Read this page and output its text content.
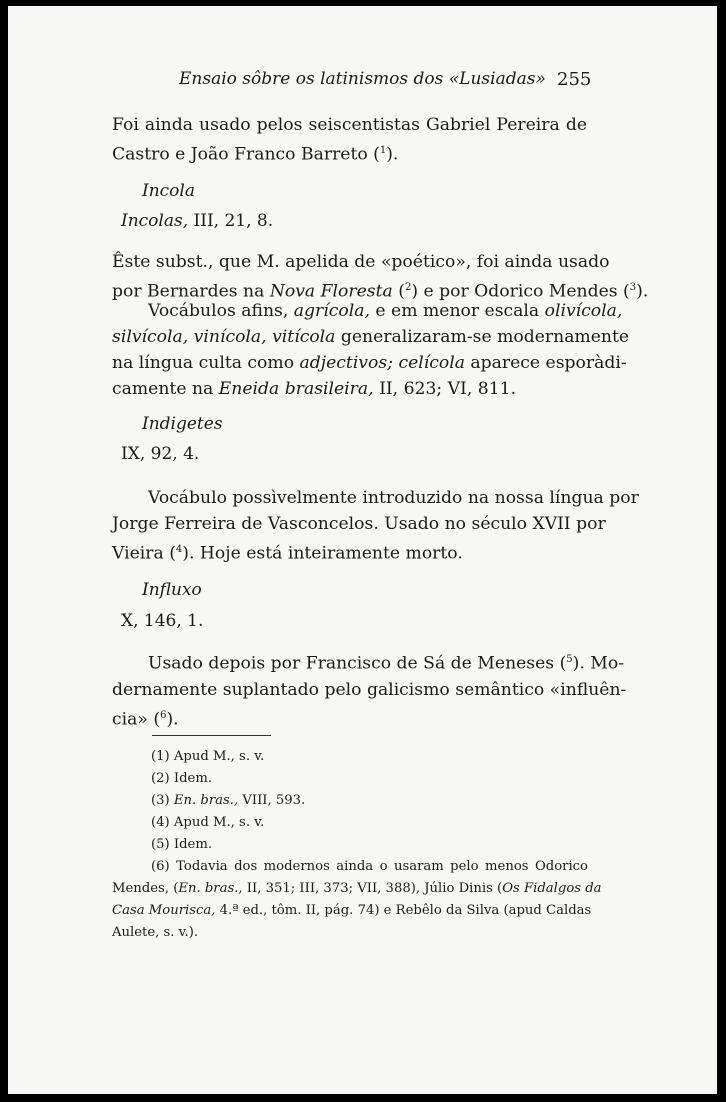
Ensaio sôbre os latinismos dos «Lusiadas» 255
Foi ainda usado pelos seiscentistas Gabriel Pereira de
Castro e João Franco Barreto ($^1$).
Incola
Incolas, III, 21, 8.
Êste subst., que M. apelida de «poético», foi ainda usado
por Bernardes na Nova Floresta ($^2$) e por Odorico Mendes ($^3$).
Vocábulos afins, agrícola, e em menor escala olivícola,
silvícola, vinícola, vitícola generalizaram-se modernamente
na língua culta como adjectivos; celícola aparece esporàdi-
camente na Eneida brasileira, II, 623; VI, 811.
Indigetes
IX, 92, 4.
Vocábulo possìvelmente introduzido na nossa língua por
Jorge Ferreira de Vasconcelos. Usado no século XVII por
Vieira ($^4$). Hoje está inteiramente morto.
Influxo
X, 146, 1.
Usado depois por Francisco de Sá de Meneses ($^5$). Mo-
dernamente suplantado pelo galicismo semântico «influên-
cia» ($^6$).
(1) Apud M., s. v.
(2) Idem.
(3) En. bras., VIII, 593.
(4) Apud M., s. v.
(5) Idem.
(6) Todavia dos modernos ainda o usaram pelo menos Odorico
Mendes, (En. bras., II, 351; III, 373; VII, 388), Júlio Dinis (Os Fidalgos da
Casa Mourisca, 4.ª ed., tôm. II, pág. 74) e Rebêlo da Silva (apud Caldas
Aulete, s. v.).
